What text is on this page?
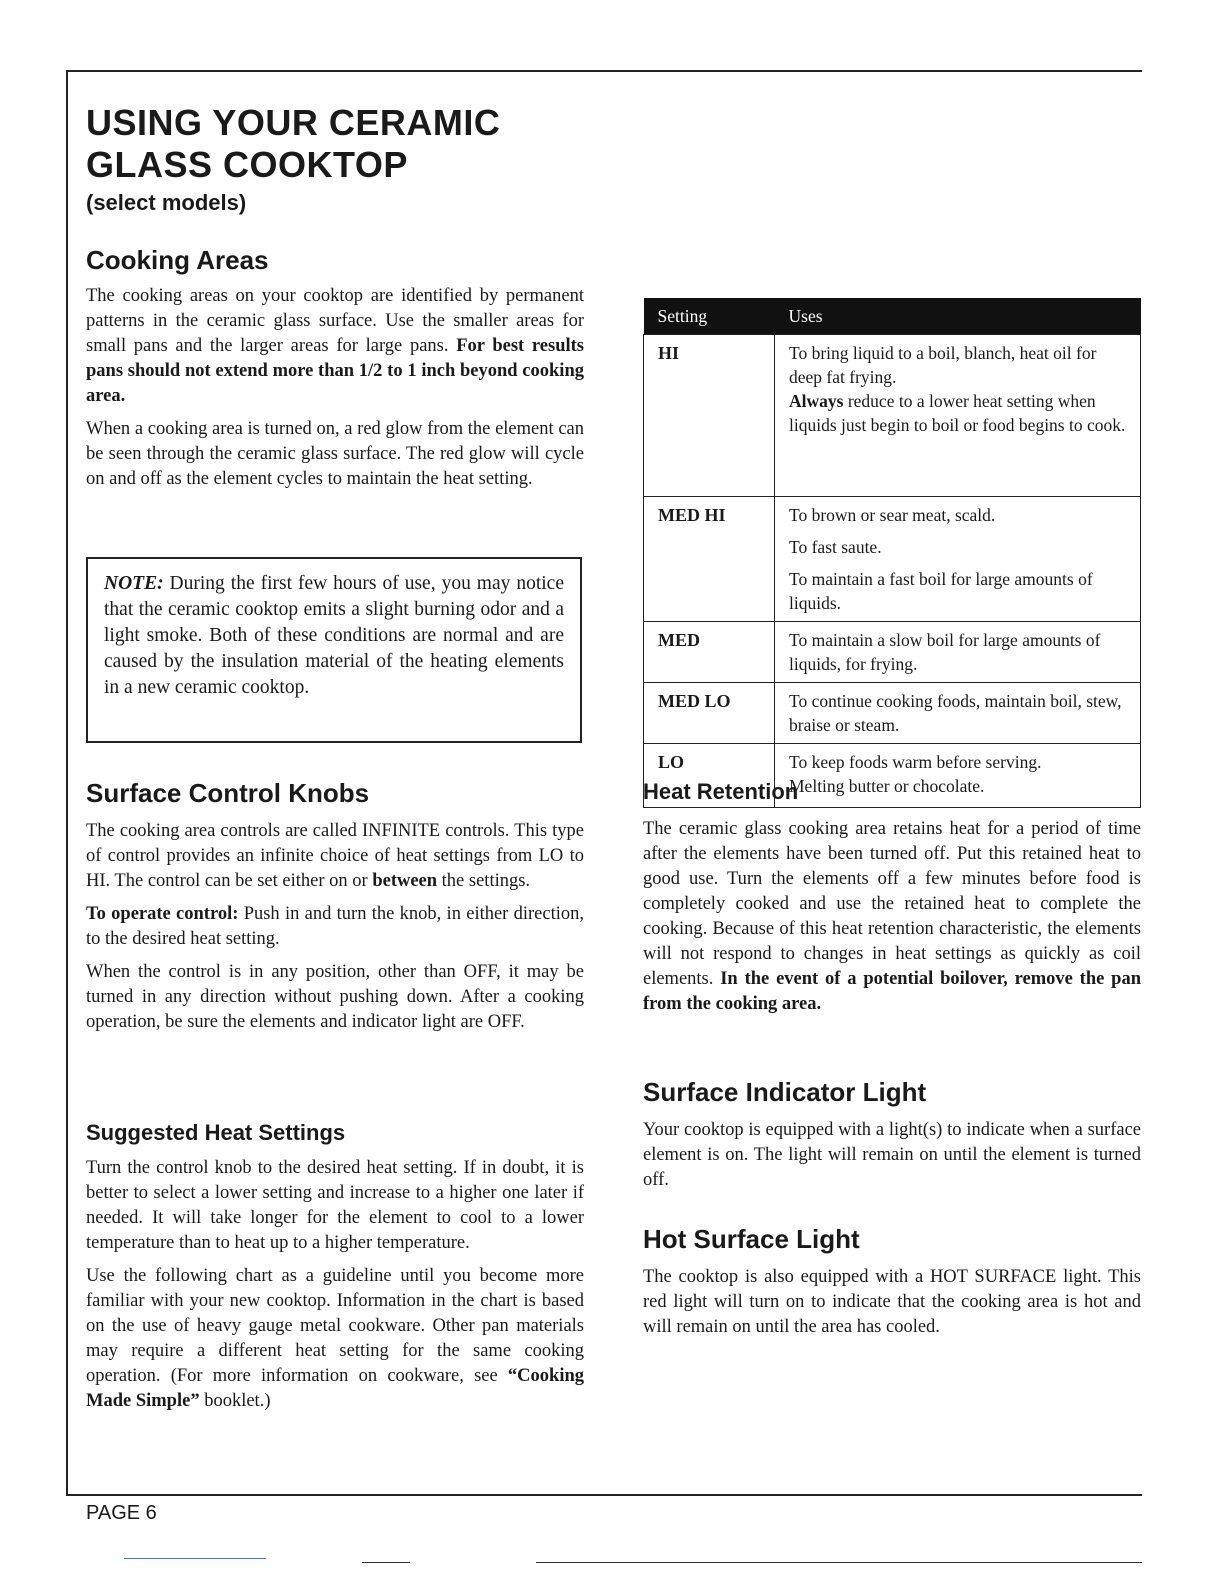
USING YOUR CERAMIC
GLASS COOKTOP
(select models)
Cooking Areas

The cooking areas on your cooktop are identified by permanent patterns in the ceramic glass surface. Use the smaller areas for small pans and the larger areas for large pans. For best results pans should not extend more than 1/2 to 1 inch beyond cooking area.

When a cooking area is turned on, a red glow from the element can be seen through the ceramic glass surface. The red glow will cycle on and off as the element cycles to maintain the heat setting.

NOTE: During the first few hours of use, you may notice that the ceramic cooktop emits a slight burning odor and a light smoke. Both of these conditions are normal and are caused by the insulation material of the heating elements in a new ceramic cooktop.

Surface Control Knobs

The cooking area controls are called INFINITE controls. This type of control provides an infinite choice of heat settings from LO to HI. The control can be set either on or between the settings.

To operate control: Push in and turn the knob, in either direction, to the desired heat setting.

When the control is in any position, other than OFF, it may be turned in any direction without pushing down. After a cooking operation, be sure the elements and indicator light are OFF.

Suggested Heat Settings

Turn the control knob to the desired heat setting. If in doubt, it is better to select a lower setting and increase to a higher one later if needed. It will take longer for the element to cool to a lower temperature than to heat up to a higher temperature.

Use the following chart as a guideline until you become more familiar with your new cooktop. Information in the chart is based on the use of heavy gauge metal cookware. Other pan materials may require a different heat setting for the same cooking operation. (For more information on cookware, see “Cooking Made Simple” booklet.)

Setting	Uses
HI	To bring liquid to a boil, blanch, heat oil for deep fat frying.
Always reduce to a lower heat setting when liquids just begin to boil or food begins to cook.

MED HI	To brown or sear meat, scald.
To fast saute.
To maintain a fast boil for large amounts of liquids.

MED	To maintain a slow boil for large amounts of liquids, for frying.

MED LO	To continue cooking foods, maintain boil, stew, braise or steam.

LO	To keep foods warm before serving.
Melting butter or chocolate.
Heat Retention

The ceramic glass cooking area retains heat for a period of time after the elements have been turned off. Put this retained heat to good use. Turn the elements off a few minutes before food is completely cooked and use the retained heat to complete the cooking. Because of this heat retention characteristic, the elements will not respond to changes in heat settings as quickly as coil elements. In the event of a potential boilover, remove the pan from the cooking area.

Surface Indicator Light

Your cooktop is equipped with a light(s) to indicate when a surface element is on. The light will remain on until the element is turned off.

Hot Surface Light

The cooktop is also equipped with a HOT SURFACE light. This red light will turn on to indicate that the cooking area is hot and will remain on until the area has cooled.

PAGE 6
